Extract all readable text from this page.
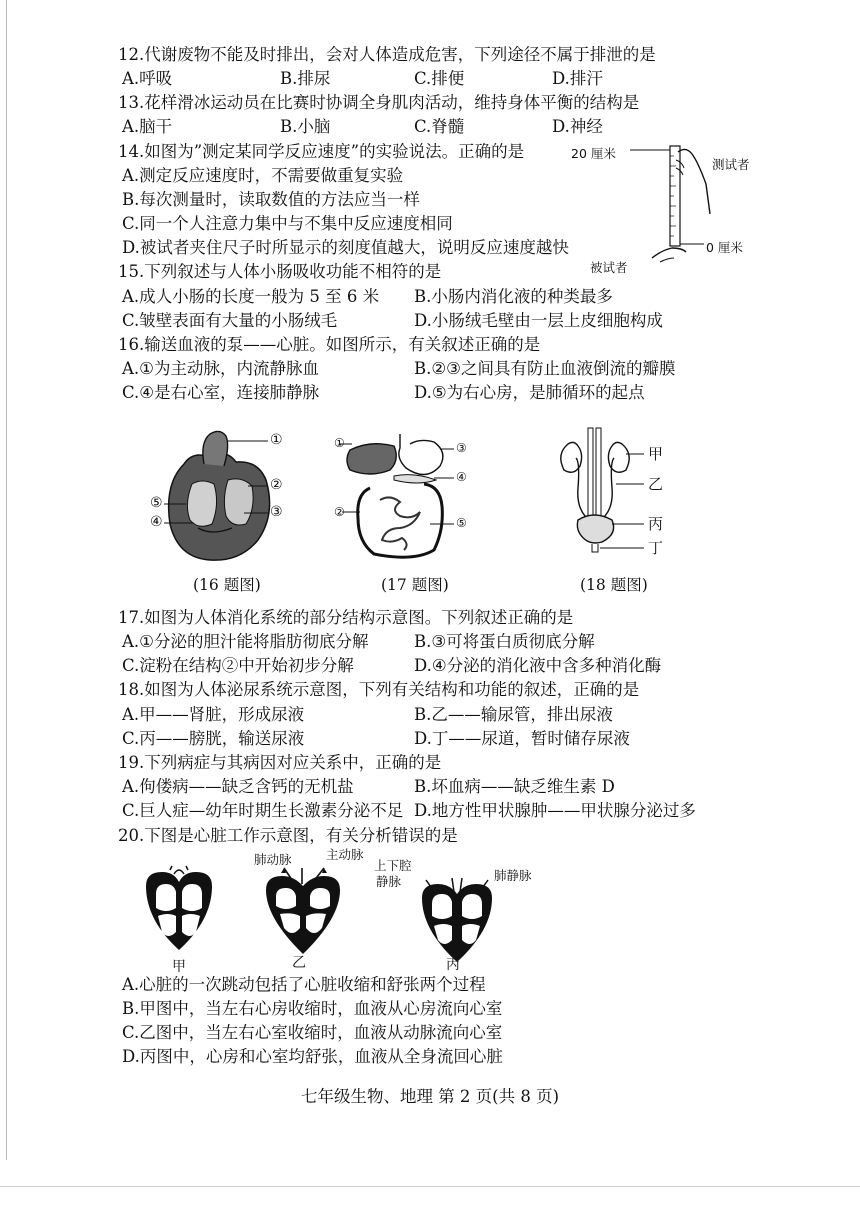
12.代谢废物不能及时排出，会对人体造成危害，下列途径不属于排泄的是
A.呼吸	B.排尿	C.排便	D.排汗
13.花样滑冰运动员在比赛时协调全身肌肉活动，维持身体平衡的结构是
A.脑干	B.小脑	C.脊髓	D.神经
14.如图为”测定某同学反应速度”的实验说法。正确的是
A.测定反应速度时，不需要做重复实验
B.每次测量时，读取数值的方法应当一样
C.同一个人注意力集中与不集中反应速度相同
D.被试者夹住尺子时所显示的刻度值越大，说明反应速度越快
20 厘米
测试者
0 厘米
被试者
15.下列叙述与人体小肠吸收功能不相符的是
A.成人小肠的长度一般为 5 至 6 米 B.小肠内消化液的种类最多
C.皱壁表面有大量的小肠绒毛	D.小肠绒毛壁由一层上皮细胞构成
16.输送血液的泵——心脏。如图所示，有关叙述正确的是
A.①为主动脉，内流静脉血	B.②③之间具有防止血液倒流的瓣膜
C.④是右心室，连接肺静脉	D.⑤为右心房，是肺循环的起点
①
②
③
④
⑤
①
②
③
④
⑤
甲
乙
丙
丁
(16 题图)	(17 题图)	(18 题图)
17.如图为人体消化系统的部分结构示意图。下列叙述正确的是
A.①分泌的胆汁能将脂肪彻底分解	B.③可将蛋白质彻底分解
C.淀粉在结构②中开始初步分解	D.④分泌的消化液中含多种消化酶
18.如图为人体泌尿系统示意图，下列有关结构和功能的叙述，正确的是
A.甲——肾脏，形成尿液	B.乙——输尿管，排出尿液
C.丙——膀胱，输送尿液	D.丁——尿道，暂时储存尿液
19.下列病症与其病因对应关系中，正确的是
A.佝偻病——缺乏含钙的无机盐	B.坏血病——缺乏维生素 D
C.巨人症—幼年时期生长激素分泌不足 D.地方性甲状腺肿——甲状腺分泌过多
20.下图是心脏工作示意图，有关分析错误的是
肺动脉	主动脉
上下腔
静脉	肺静脉
甲	乙	丙
A.心脏的一次跳动包括了心脏收缩和舒张两个过程
B.甲图中，当左右心房收缩时，血液从心房流向心室
C.乙图中，当左右心室收缩时，血液从动脉流向心室
D.丙图中，心房和心室均舒张，血液从全身流回心脏
七年级生物、地理 第 2 页(共 8 页)
